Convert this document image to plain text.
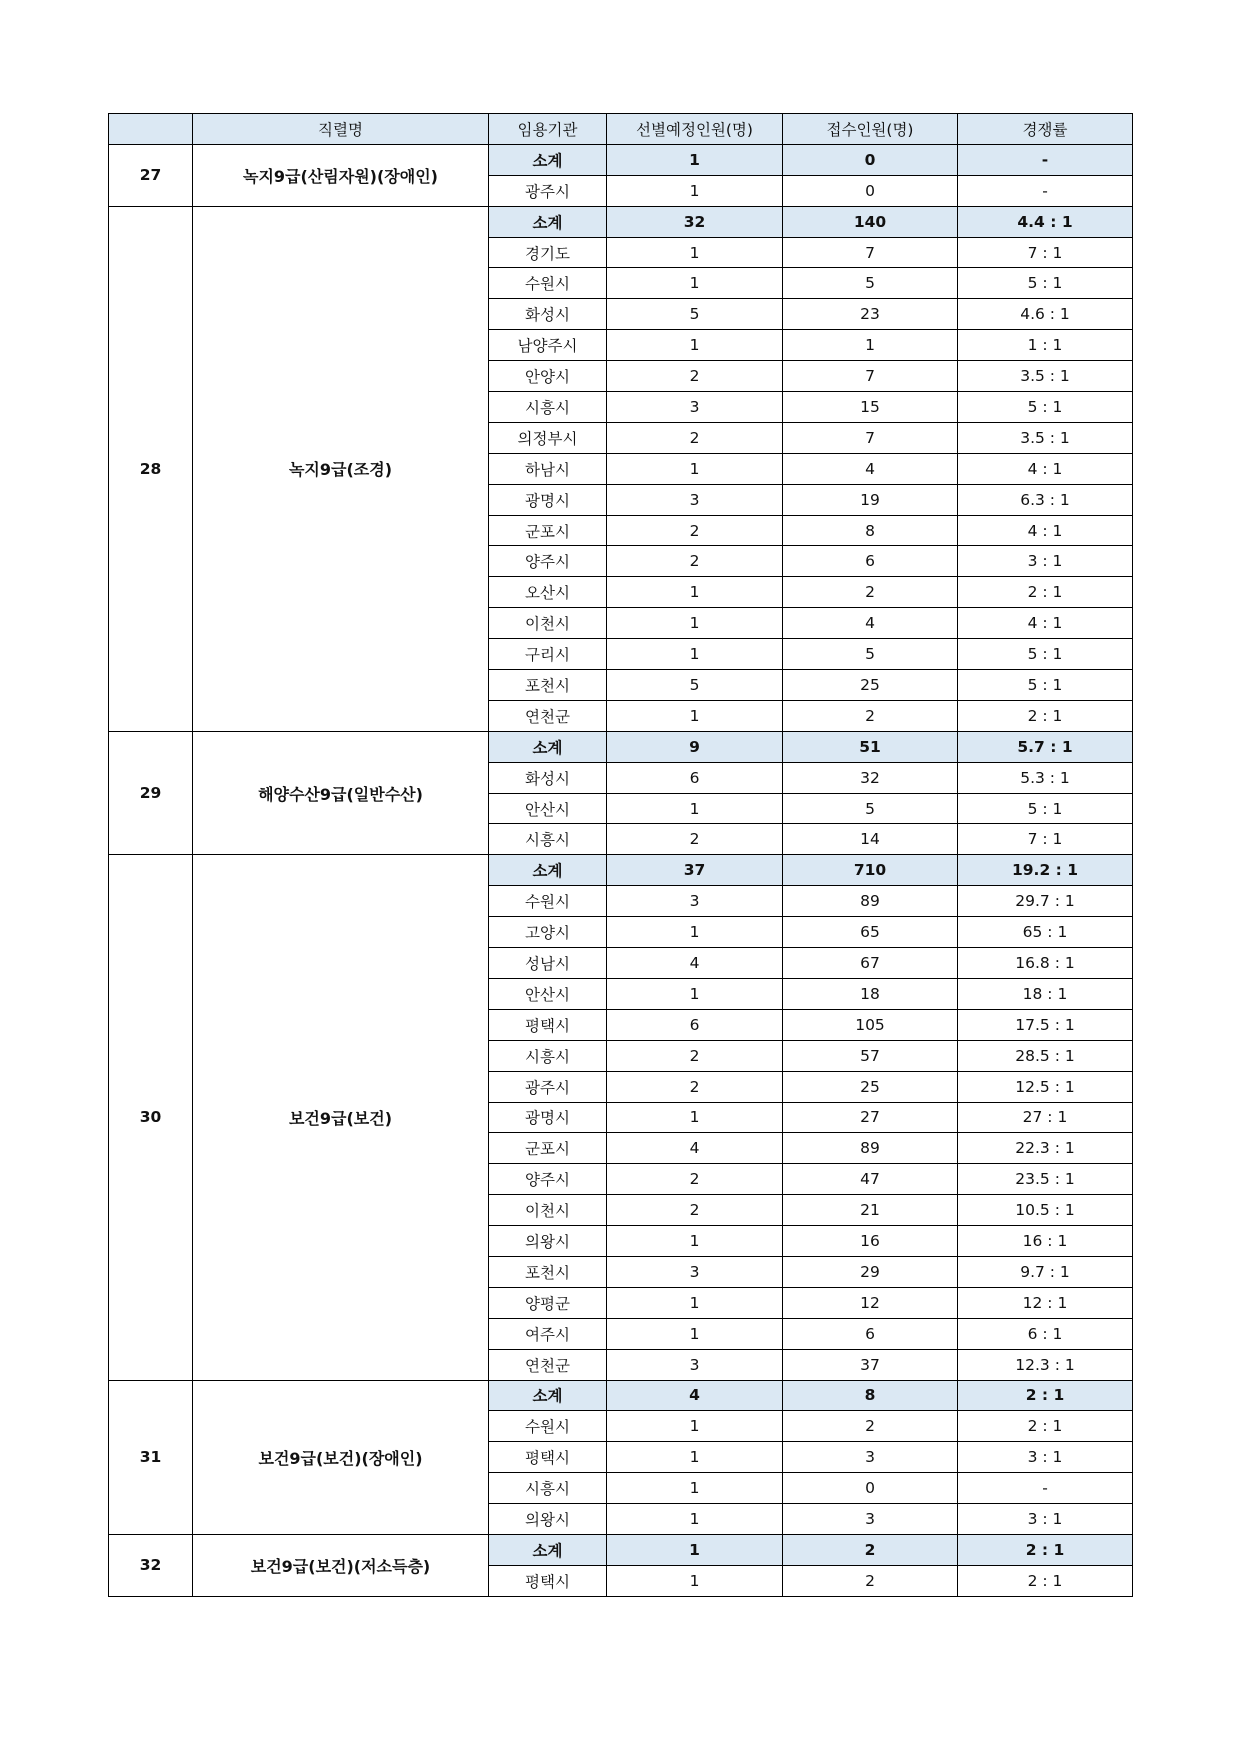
	직렬명	임용기관	선별예정인원(명)	접수인원(명)	경쟁률
27	녹지9급(산림자원)(장애인)	소계	1	0	-
		광주시	1	0	-
28	녹지9급(조경)	소계	32	140	4.4 : 1
		경기도	1	7	7 : 1
		수원시	1	5	5 : 1
		화성시	5	23	4.6 : 1
		남양주시	1	1	1 : 1
		안양시	2	7	3.5 : 1
		시흥시	3	15	5 : 1
		의정부시	2	7	3.5 : 1
		하남시	1	4	4 : 1
		광명시	3	19	6.3 : 1
		군포시	2	8	4 : 1
		양주시	2	6	3 : 1
		오산시	1	2	2 : 1
		이천시	1	4	4 : 1
		구리시	1	5	5 : 1
		포천시	5	25	5 : 1
		연천군	1	2	2 : 1
29	해양수산9급(일반수산)	소계	9	51	5.7 : 1
		화성시	6	32	5.3 : 1
		안산시	1	5	5 : 1
		시흥시	2	14	7 : 1
30	보건9급(보건)	소계	37	710	19.2 : 1
		수원시	3	89	29.7 : 1
		고양시	1	65	65 : 1
		성남시	4	67	16.8 : 1
		안산시	1	18	18 : 1
		평택시	6	105	17.5 : 1
		시흥시	2	57	28.5 : 1
		광주시	2	25	12.5 : 1
		광명시	1	27	27 : 1
		군포시	4	89	22.3 : 1
		양주시	2	47	23.5 : 1
		이천시	2	21	10.5 : 1
		의왕시	1	16	16 : 1
		포천시	3	29	9.7 : 1
		양평군	1	12	12 : 1
		여주시	1	6	6 : 1
		연천군	3	37	12.3 : 1
31	보건9급(보건)(장애인)	소계	4	8	2 : 1
		수원시	1	2	2 : 1
		평택시	1	3	3 : 1
		시흥시	1	0	-
		의왕시	1	3	3 : 1
32	보건9급(보건)(저소득층)	소계	1	2	2 : 1
		평택시	1	2	2 : 1
